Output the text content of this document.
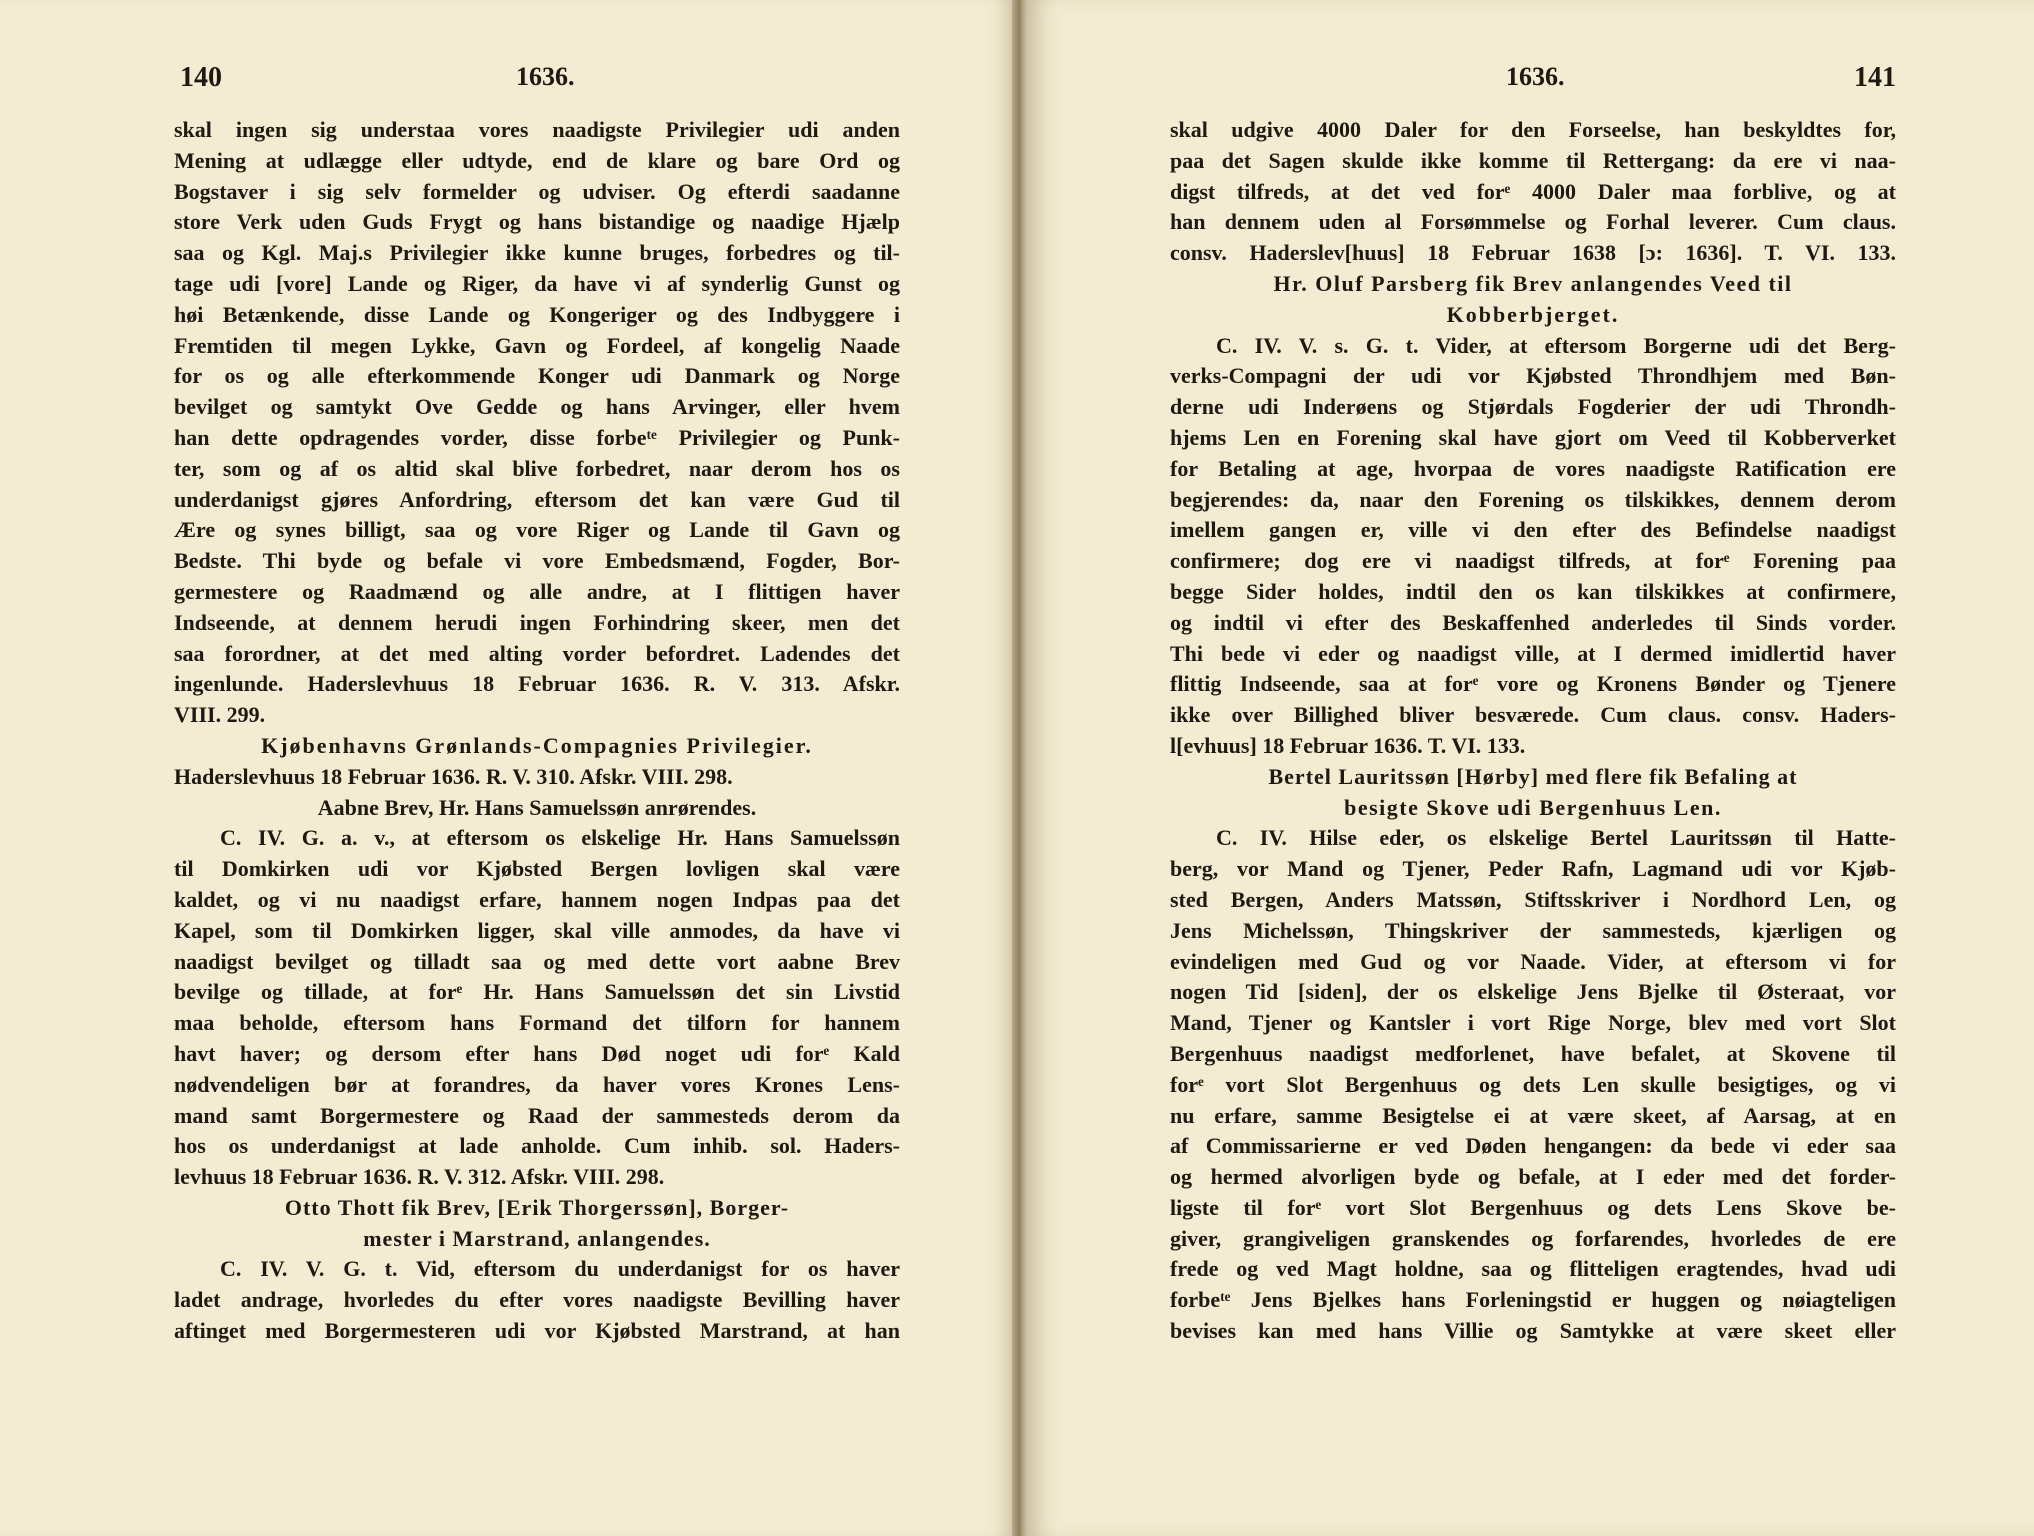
140	1636.

skal ingen sig understaa vores naadigste Privilegier udi anden

Mening at udlægge eller udtyde, end de klare og bare Ord og

Bogstaver i sig selv formelder og udviser. Og efterdi saadanne

store Verk uden Guds Frygt og hans bistandige og naadige Hjælp

saa og Kgl. Maj.s Privilegier ikke kunne bruges, forbedres og til-

tage udi [vore] Lande og Riger, da have vi af synderlig Gunst og

høi Betænkende, disse Lande og Kongeriger og des Indbyggere i

Fremtiden til megen Lykke, Gavn og Fordeel, af kongelig Naade

for os og alle efterkommende Konger udi Danmark og Norge

bevilget og samtykt Ove Gedde og hans Arvinger, eller hvem

han dette opdragendes vorder, disse forbeᵗᵉ Privilegier og Punk-

ter, som og af os altid skal blive forbedret, naar derom hos os

underdanigst gjøres Anfordring, eftersom det kan være Gud til

Ære og synes billigt, saa og vore Riger og Lande til Gavn og

Bedste. Thi byde og befale vi vore Embedsmænd, Fogder, Bor-

germestere og Raadmænd og alle andre, at I flittigen haver

Indseende, at dennem herudi ingen Forhindring skeer, men det

saa forordner, at det med alting vorder befordret. Ladendes det

ingenlunde. Haderslevhuus 18 Februar 1636. R. V. 313. Afskr.

VIII. 299.

Kjøbenhavns Grønlands-Compagnies Privilegier.

Haderslevhuus 18 Februar 1636. R. V. 310. Afskr. VIII. 298.

Aabne Brev, Hr. Hans Samuelssøn anrørendes.

C. IV. G. a. v., at eftersom os elskelige Hr. Hans Samuelssøn

til Domkirken udi vor Kjøbsted Bergen lovligen skal være

kaldet, og vi nu naadigst erfare, hannem nogen Indpas paa det

Kapel, som til Domkirken ligger, skal ville anmodes, da have vi

naadigst bevilget og tilladt saa og med dette vort aabne Brev

bevilge og tillade, at forᵉ Hr. Hans Samuelssøn det sin Livstid

maa beholde, eftersom hans Formand det tilforn for hannem

havt haver; og dersom efter hans Død noget udi forᵉ Kald

nødvendeligen bør at forandres, da haver vores Krones Lens-

mand samt Borgermestere og Raad der sammesteds derom da

hos os underdanigst at lade anholde. Cum inhib. sol. Haders-

levhuus 18 Februar 1636. R. V. 312. Afskr. VIII. 298.

Otto Thott fik Brev, [Erik Thorgerssøn], Borger-

mester i Marstrand, anlangendes.

C. IV. V. G. t. Vid, eftersom du underdanigst for os haver

ladet andrage, hvorledes du efter vores naadigste Bevilling haver

aftinget med Borgermesteren udi vor Kjøbsted Marstrand, at han

1636.	141

skal udgive 4000 Daler for den Forseelse, han beskyldtes for,

paa det Sagen skulde ikke komme til Rettergang: da ere vi naa-

digst tilfreds, at det ved forᵉ 4000 Daler maa forblive, og at

han dennem uden al Forsømmelse og Forhal leverer. Cum claus.

consv. Haderslev[huus] 18 Februar 1638 [ɔ: 1636]. T. VI. 133.

Hr. Oluf Parsberg fik Brev anlangendes Veed til

Kobberbjerget.

C. IV. V. s. G. t. Vider, at eftersom Borgerne udi det Berg-

verks-Compagni der udi vor Kjøbsted Throndhjem med Bøn-

derne udi Inderøens og Stjørdals Fogderier der udi Throndh-

hjems Len en Forening skal have gjort om Veed til Kobberverket

for Betaling at age, hvorpaa de vores naadigste Ratification ere

begjerendes: da, naar den Forening os tilskikkes, dennem derom

imellem gangen er, ville vi den efter des Befindelse naadigst

confirmere; dog ere vi naadigst tilfreds, at forᵉ Forening paa

begge Sider holdes, indtil den os kan tilskikkes at confirmere,

og indtil vi efter des Beskaffenhed anderledes til Sinds vorder.

Thi bede vi eder og naadigst ville, at I dermed imidlertid haver

flittig Indseende, saa at forᵉ vore og Kronens Bønder og Tjenere

ikke over Billighed bliver besværede. Cum claus. consv. Haders-

l[evhuus] 18 Februar 1636. T. VI. 133.

Bertel Lauritssøn [Hørby] med flere fik Befaling at

besigte Skove udi Bergenhuus Len.

C. IV. Hilse eder, os elskelige Bertel Lauritssøn til Hatte-

berg, vor Mand og Tjener, Peder Rafn, Lagmand udi vor Kjøb-

sted Bergen, Anders Matssøn, Stiftsskriver i Nordhord Len, og

Jens Michelssøn, Thingskriver der sammesteds, kjærligen og

evindeligen med Gud og vor Naade. Vider, at eftersom vi for

nogen Tid [siden], der os elskelige Jens Bjelke til Østeraat, vor

Mand, Tjener og Kantsler i vort Rige Norge, blev med vort Slot

Bergenhuus naadigst medforlenet, have befalet, at Skovene til

forᵉ vort Slot Bergenhuus og dets Len skulle besigtiges, og vi

nu erfare, samme Besigtelse ei at være skeet, af Aarsag, at en

af Commissarierne er ved Døden hengangen: da bede vi eder saa

og hermed alvorligen byde og befale, at I eder med det forder-

ligste til forᵉ vort Slot Bergenhuus og dets Lens Skove be-

giver, grangiveligen granskendes og forfarendes, hvorledes de ere

frede og ved Magt holdne, saa og flitteligen eragtendes, hvad udi

forbeᵗᵉ Jens Bjelkes hans Forleningstid er huggen og nøiagteligen

bevises kan med hans Villie og Samtykke at være skeet eller
